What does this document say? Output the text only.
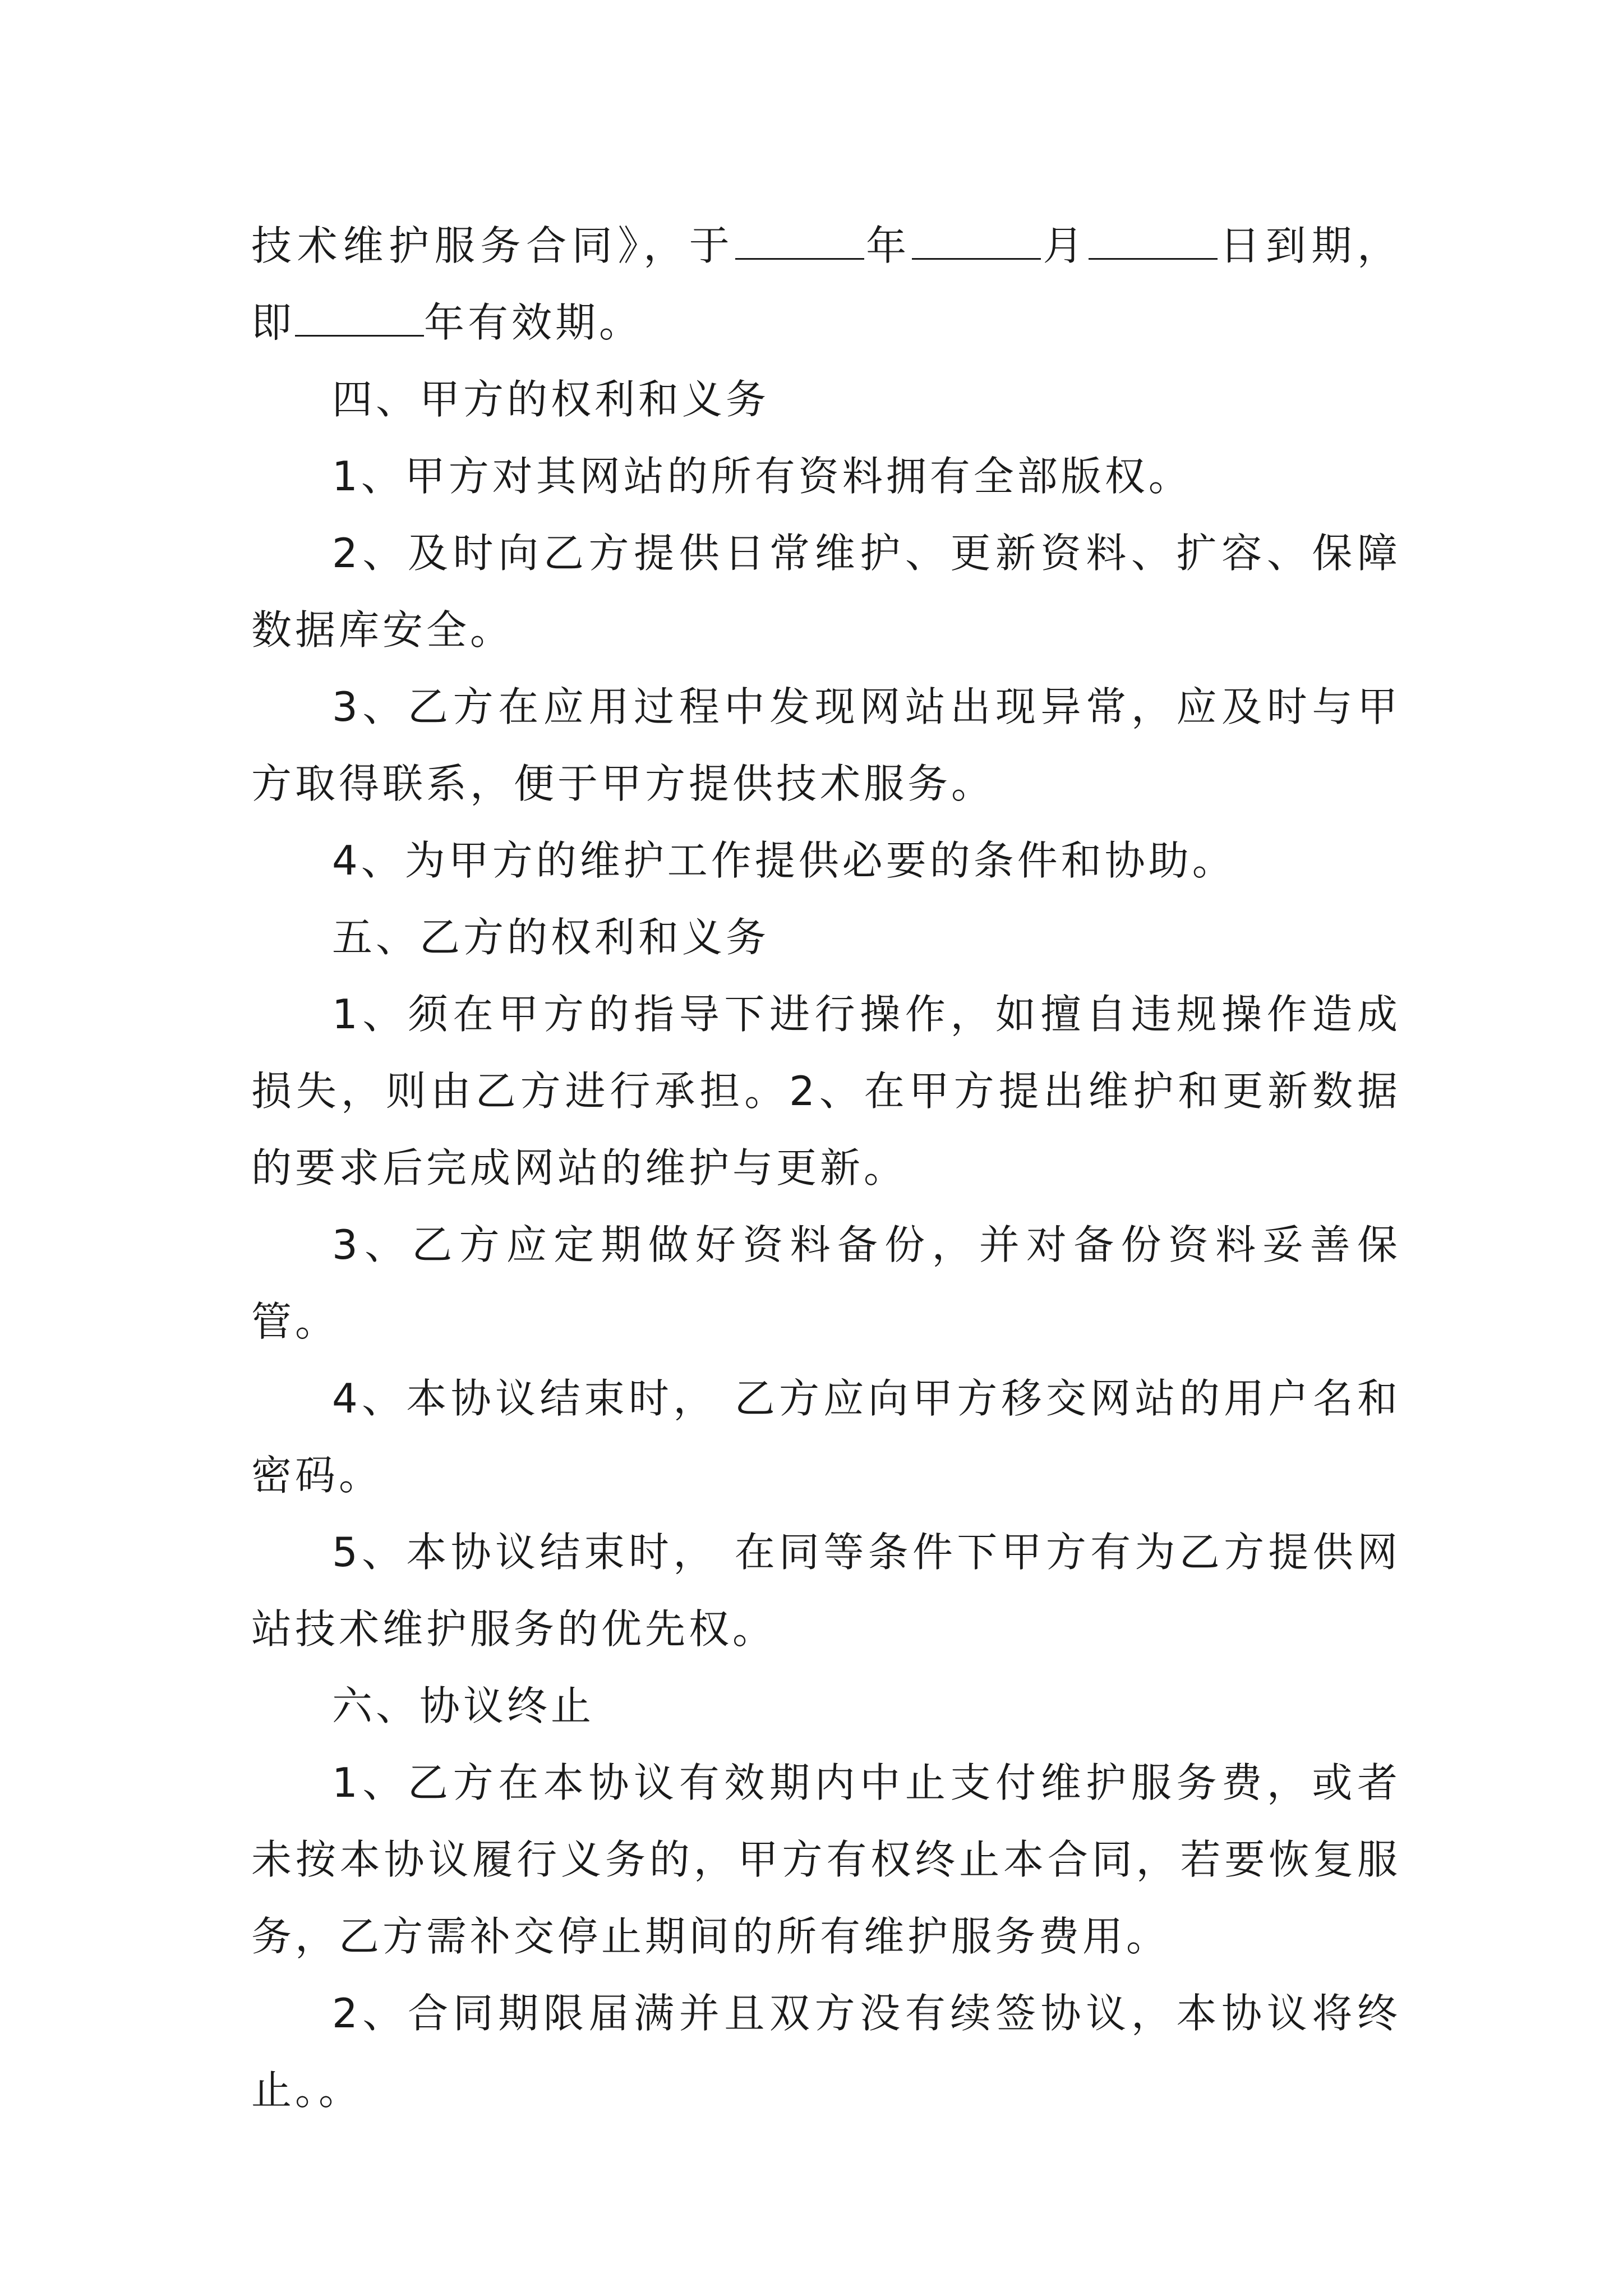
技术维护服务合同》，于	年	月	日到期，即	年有效期。

四、甲方的权利和义务

1、甲方对其网站的所有资料拥有全部版权。

2、及时向乙方提供日常维护、更新资料、扩容、保障数据库安全。

3、乙方在应用过程中发现网站出现异常，应及时与甲方取得联系，便于甲方提供技术服务。

4、为甲方的维护工作提供必要的条件和协助。

五、乙方的权利和义务

1、须在甲方的指导下进行操作，如擅自违规操作造成损失，则由乙方进行承担。2、在甲方提出维护和更新数据的要求后完成网站的维护与更新。

3、乙方应定期做好资料备份，并对备份资料妥善保管。

4、本协议结束时， 乙方应向甲方移交网站的用户名和密码。

5、本协议结束时， 在同等条件下甲方有为乙方提供网站技术维护服务的优先权。

六、协议终止

1、乙方在本协议有效期内中止支付维护服务费，或者未按本协议履行义务的，甲方有权终止本合同，若要恢复服务，乙方需补交停止期间的所有维护服务费用。

2、合同期限届满并且双方没有续签协议，本协议将终止。。
